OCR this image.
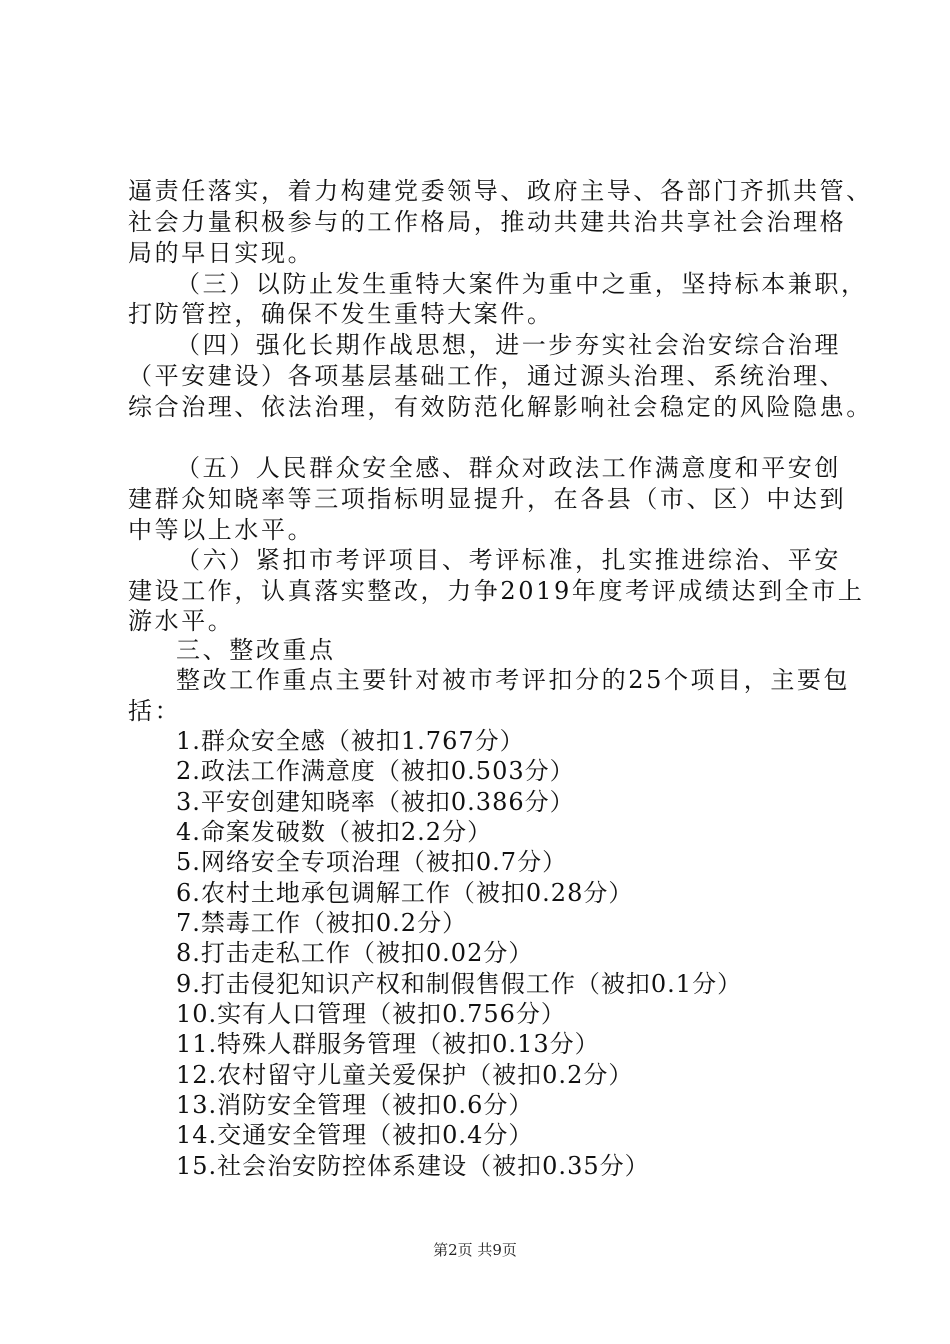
逼责任落实，着力构建党委领导、政府主导、各部门齐抓共管、
社会力量积极参与的工作格局，推动共建共治共享社会治理格
局的早日实现。
（三）以防止发生重特大案件为重中之重，坚持标本兼职，
打防管控，确保不发生重特大案件。
（四）强化长期作战思想，进一步夯实社会治安综合治理
（平安建设）各项基层基础工作，通过源头治理、系统治理、
综合治理、依法治理，有效防范化解影响社会稳定的风险隐患。
（五）人民群众安全感、群众对政法工作满意度和平安创
建群众知晓率等三项指标明显提升，在各县（市、区）中达到
中等以上水平。
（六）紧扣市考评项目、考评标准，扎实推进综治、平安
建设工作，认真落实整改，力争2019年度考评成绩达到全市上
游水平。
三、整改重点
整改工作重点主要针对被市考评扣分的25个项目，主要包
括：
1.群众安全感（被扣1.767分）
2.政法工作满意度（被扣0.503分）
3.平安创建知晓率（被扣0.386分）
4.命案发破数（被扣2.2分）
5.网络安全专项治理（被扣0.7分）
6.农村土地承包调解工作（被扣0.28分）
7.禁毒工作（被扣0.2分）
8.打击走私工作（被扣0.02分）
9.打击侵犯知识产权和制假售假工作（被扣0.1分）
10.实有人口管理（被扣0.756分）
11.特殊人群服务管理（被扣0.13分）
12.农村留守儿童关爱保护（被扣0.2分）
13.消防安全管理（被扣0.6分）
14.交通安全管理（被扣0.4分）
15.社会治安防控体系建设（被扣0.35分）
第2页 共9页
